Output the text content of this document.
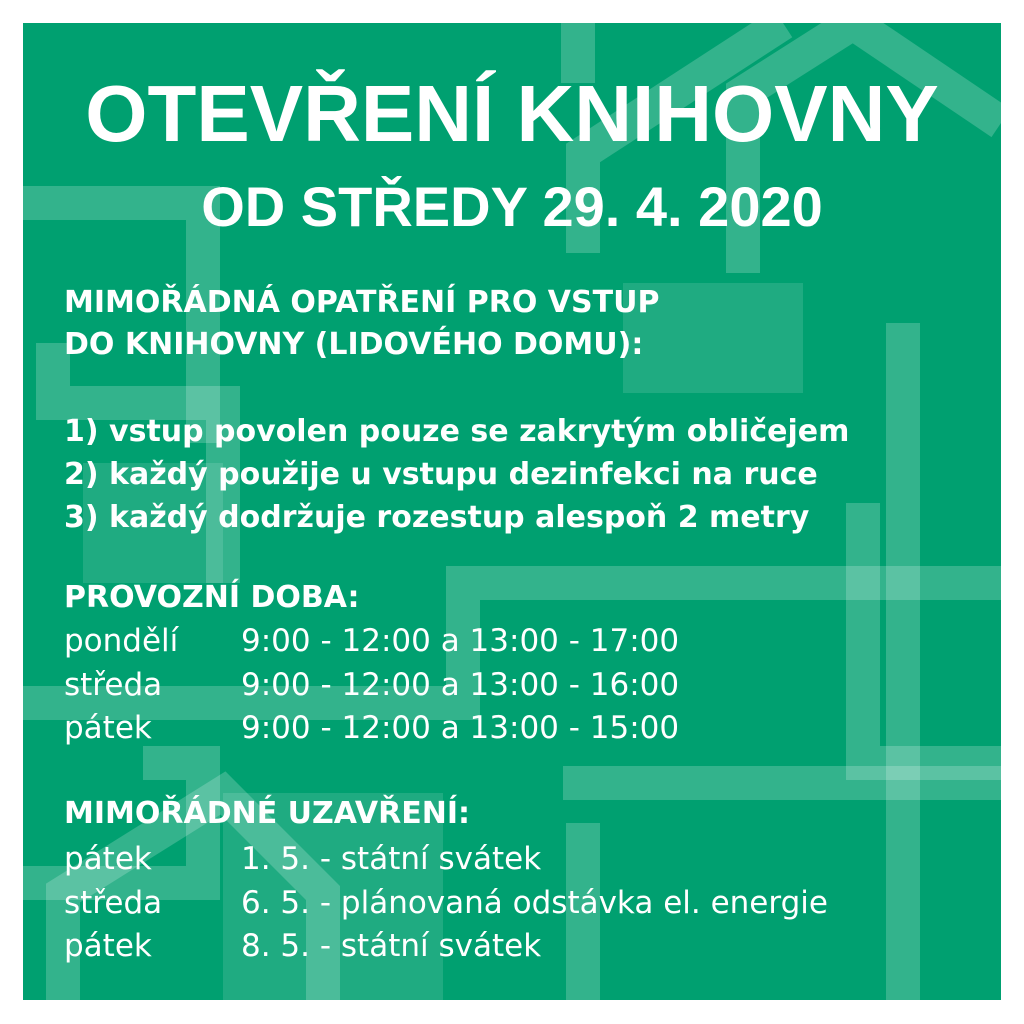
OTEVŘENÍ KNIHOVNY
OD STŘEDY 29. 4. 2020
MIMOŘÁDNÁ OPATŘENÍ PRO VSTUP
DO KNIHOVNY (LIDOVÉHO DOMU):
1) vstup povolen pouze se zakrytým obličejem
2) každý použije u vstupu dezinfekci na ruce
3) každý dodržuje rozestup alespoň 2 metry
PROVOZNÍ DOBA:
pondělí 9:00 - 12:00 a 13:00 - 17:00
středa	9:00 - 12:00 a 13:00 - 16:00
pátek	9:00 - 12:00 a 13:00 - 15:00
MIMOŘÁDNÉ UZAVŘENÍ:
pátek	1. 5. - státní svátek
středa	6. 5. - plánovaná odstávka el. energie
pátek	8. 5. - státní svátek
